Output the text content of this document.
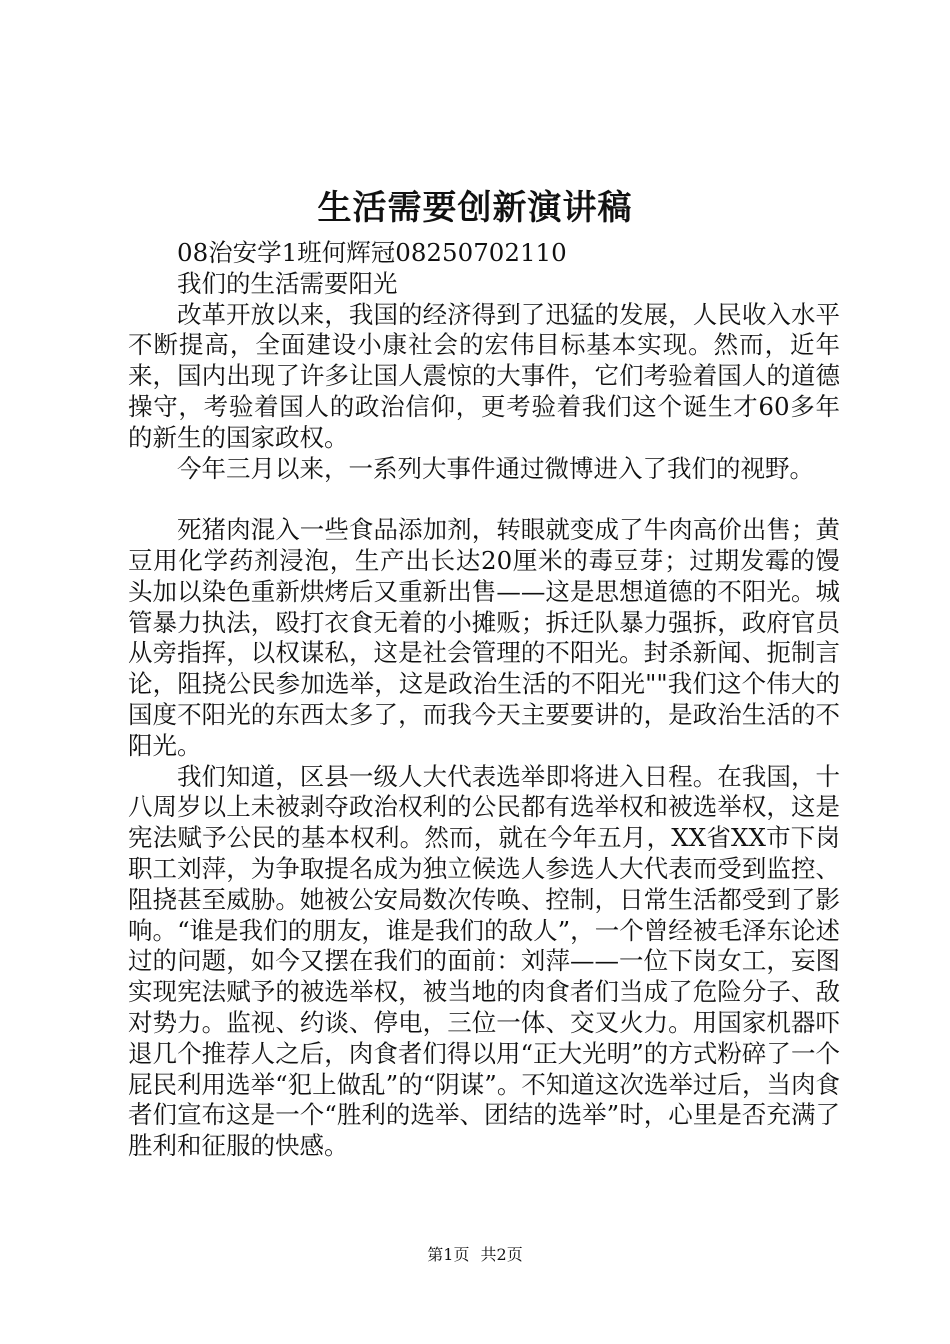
生活需要创新演讲稿

08治安学1班何辉冠08250702110

我们的生活需要阳光

改革开放以来，我国的经济得到了迅猛的发展，人民收入水平不断提高，全面建设小康社会的宏伟目标基本实现。然而，近年来，国内出现了许多让国人震惊的大事件，它们考验着国人的道德操守，考验着国人的政治信仰，更考验着我们这个诞生才60多年的新生的国家政权。

今年三月以来，一系列大事件通过微博进入了我们的视野。

死猪肉混入一些食品添加剂，转眼就变成了牛肉高价出售；黄豆用化学药剂浸泡，生产出长达20厘米的毒豆芽；过期发霉的馒头加以染色重新烘烤后又重新出售——这是思想道德的不阳光。城管暴力执法，殴打衣食无着的小摊贩；拆迁队暴力强拆，政府官员从旁指挥，以权谋私，这是社会管理的不阳光。封杀新闻、扼制言论，阻挠公民参加选举，这是政治生活的不阳光""我们这个伟大的国度不阳光的东西太多了，而我今天主要要讲的，是政治生活的不阳光。

我们知道，区县一级人大代表选举即将进入日程。在我国，十八周岁以上未被剥夺政治权利的公民都有选举权和被选举权，这是宪法赋予公民的基本权利。然而，就在今年五月，XX省XX市下岗职工刘萍，为争取提名成为独立候选人参选人大代表而受到监控、阻挠甚至威胁。她被公安局数次传唤、控制，日常生活都受到了影响。“谁是我们的朋友，谁是我们的敌人”，一个曾经被毛泽东论述过的问题，如今又摆在我们的面前：刘萍——一位下岗女工，妄图实现宪法赋予的被选举权，被当地的肉食者们当成了危险分子、敌对势力。监视、约谈、停电，三位一体、交叉火力。用国家机器吓退几个推荐人之后，肉食者们得以用“正大光明”的方式粉碎了一个屁民利用选举“犯上做乱”的“阴谋”。不知道这次选举过后，当肉食者们宣布这是一个“胜利的选举、团结的选举”时，心里是否充满了胜利和征服的快感。

第1页 共2页
